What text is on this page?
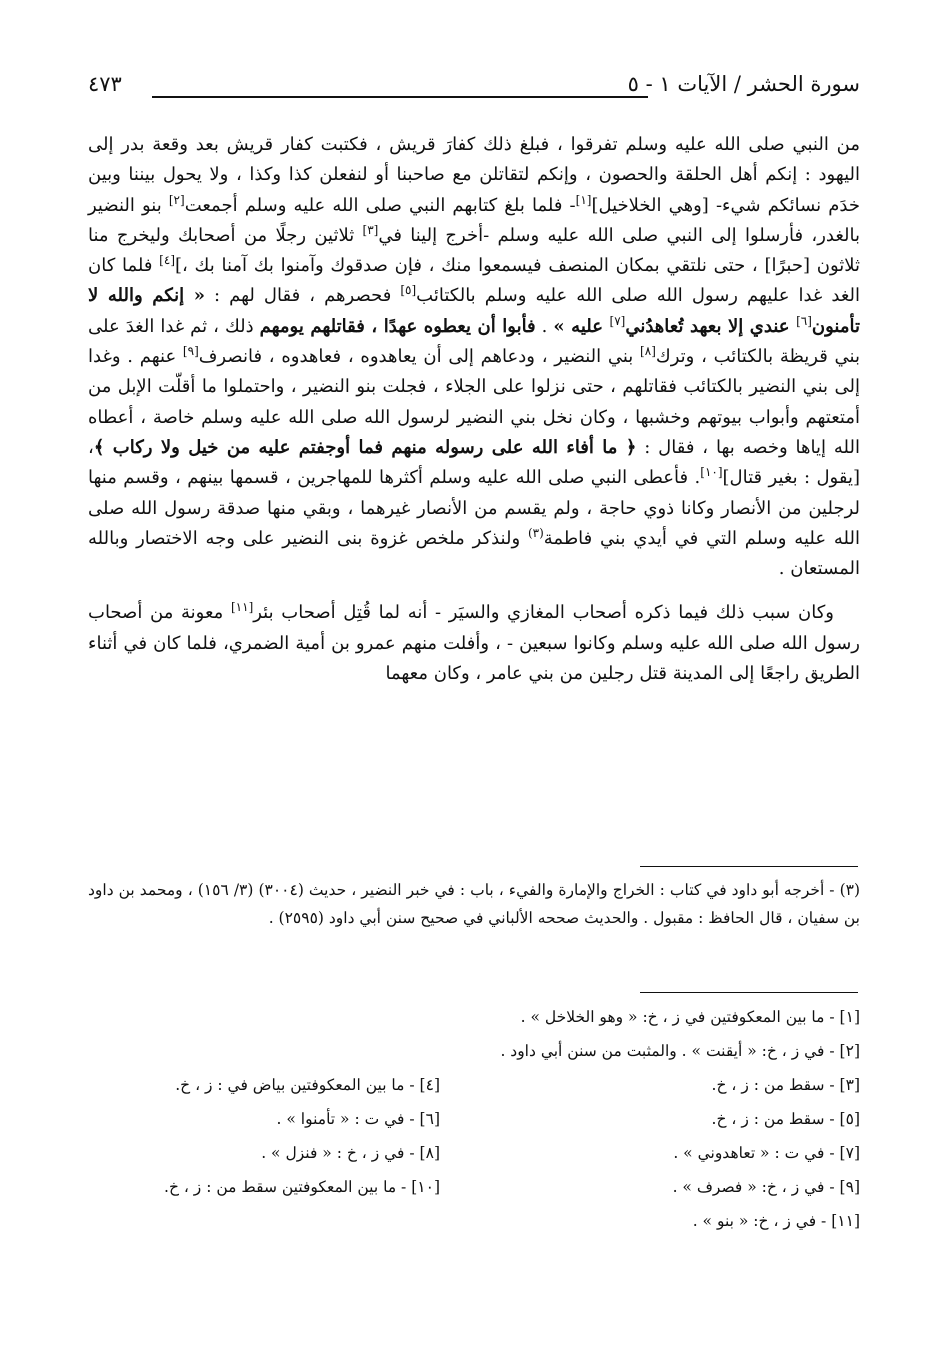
سورة الحشر / الآيات ١ - ٥
٤٧٣

من النبي صلى الله عليه وسلم تفرقوا ، فبلغ ذلك كفارَ قريش ، فكتبت كفار قريش بعد وقعة بدر إلى اليهود : إنكم أهل الحلقة والحصون ، وإنكم لتقاتلن مع صاحبنا أو لنفعلن كذا وكذا ، ولا يحول بيننا وبين خدَم نسائكم شيء- [وهي الخلاخيل][١]- فلما بلغ كتابهم النبي صلى الله عليه وسلم أجمعت[٢] بنو النضير بالغدر، فأرسلوا إلى النبي صلى الله عليه وسلم -أخرج إلينا في[٣] ثلاثين رجلًا من أصحابك وليخرج منا ثلاثون [حبرًا] ، حتى نلتقي بمكان المنصف فيسمعوا منك ، فإن صدقوك وآمنوا بك آمنا بك ،][٤] فلما كان الغد غدا عليهم رسول الله صلى الله عليه وسلم بالكتائب[٥] فحصرهم ، فقال لهم : « إنكم والله لا تأمنون[٦] عندي إلا بعهد تُعاهدُني[٧] عليه » . فأبوا أن يعطوه عهدًا ، فقاتلهم يومهم ذلك ، ثم غدا الغدَ على بني قريظة بالكتائب ، وترك[٨] بني النضير ، ودعاهم إلى أن يعاهدوه ، فعاهدوه ، فانصرف[٩] عنهم . وغدا إلى بني النضير بالكتائب فقاتلهم ، حتى نزلوا على الجلاء ، فجلت بنو النضير ، واحتملوا ما أقلّت الإبل من أمتعتهم وأبواب بيوتهم وخشبها ، وكان نخل بني النضير لرسول الله صلى الله عليه وسلم خاصة ، أعطاه الله إياها وخصه بها ، فقال : ﴿ ما أفاء الله على رسوله منهم فما أوجفتم عليه من خيل ولا ركاب ﴾، [يقول : بغير قتال][١٠]. فأعطى النبي صلى الله عليه وسلم أكثرها للمهاجرين ، قسمها بينهم ، وقسم منها لرجلين من الأنصار وكانا ذوي حاجة ، ولم يقسم من الأنصار غيرهما ، وبقي منها صدقة رسول الله صلى الله عليه وسلم التي في أيدي بني فاطمة$^{(٣)}$ ولنذكر ملخص غزوة بنى النضير على وجه الاختصار وبالله المستعان .

وكان سبب ذلك فيما ذكره أصحاب المغازي والسيَر - أنه لما قُتِل أصحاب بئر[١١] معونة من أصحاب رسول الله صلى الله عليه وسلم وكانوا سبعين - ، وأفلت منهم عمرو بن أمية الضمري، فلما كان في أثناء الطريق راجعًا إلى المدينة قتل رجلين من بني عامر ، وكان معهما

(٣) - أخرجه أبو داود في كتاب : الخراج والإمارة والفيء ، باب : في خبر النضير ، حديث (٣٠٠٤) (٣/ ١٥٦) ، ومحمد بن داود بن سفيان ، قال الحافظ : مقبول . والحديث صححه الألباني في صحيح سنن أبي داود (٢٥٩٥) .
[١] - ما بين المعكوفتين في ز ، خ: « وهو الخلاخل » .
[٢] - في ز ، خ: « أيقنت » . والمثبت من سنن أبي داود .
[٣] - سقط من : ز ، خ.
[٤] - ما بين المعكوفتين بياض في : ز ، خ.
[٥] - سقط من : ز ، خ.
[٦] - في ت : « تأمنوا » .
[٧] - في ت : « تعاهدوني » .
[٨] - في ز ، خ : « فنزل » .
[٩] - في ز ، خ: « فصرف » .
[١٠] - ما بين المعكوفتين سقط من : ز ، خ.
[١١] - في ز ، خ: « بنو » .
